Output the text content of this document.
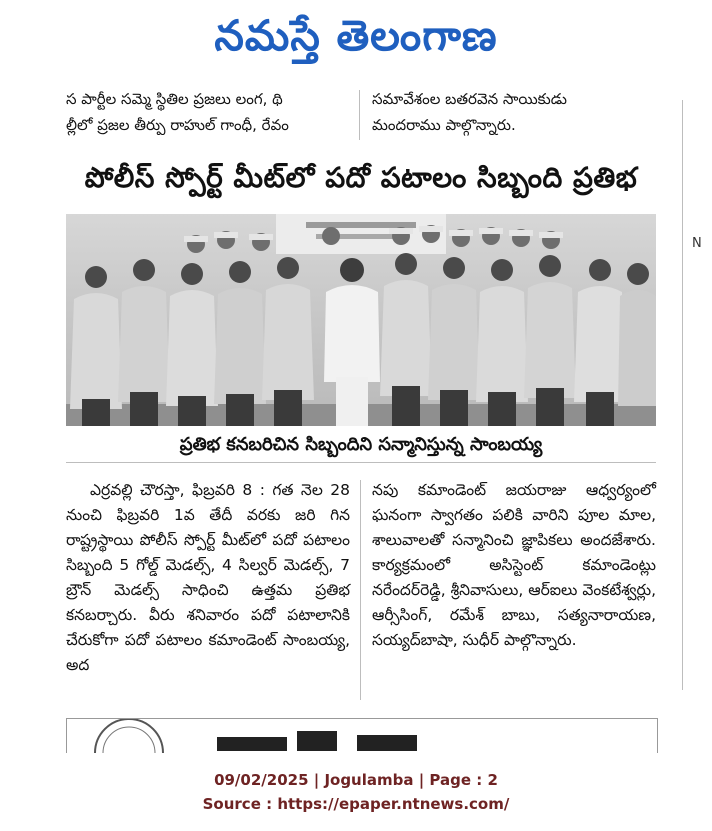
నమస్తే తెలంగాణ
స పార్టీల సమ్మె స్థితిల ప్రజలు లంగ, థి
ల్లీలో ప్రజల తీర్పు రాహుల్ గాంధీ, రేవం
సమావేశంల బతరవెన సాయికుడు
మందరాము పాల్గొన్నారు.
పోలీస్ స్పోర్ట్ మీట్‌లో పదో పటాలం సిబ్బంది ప్రతిభ
ప్రతిభ కనబరిచిన సిబ్బందిని సన్మానిస్తున్న సాంబయ్య

ఎర్రవల్లి చౌరస్తా, ఫిబ్రవరి 8 : గత నెల 28 నుంచి ఫిబ్రవరి 1వ తేదీ వరకు జరి గిన రాష్ట్రస్థాయి పోలీస్ స్పోర్ట్ మీట్‌లో పదో పటాలం సిబ్బంది 5 గోల్డ్ మెడల్స్, 4 సిల్వర్ మెడల్స్, 7 బ్రౌన్ మెడల్స్ సాధించి ఉత్తమ ప్రతిభ కనబర్చారు. వీరు శనివారం పదో పటాలానికి చేరుకోగా పదో పటాలం కమాండెంట్ సాంబయ్య, అద

నపు కమాండెంట్ జయరాజు ఆధ్వర్యంలో ఘనంగా స్వాగతం పలికి వారిని పూల మాల, శాలువాలతో సన్మానించి జ్ఞాపికలు అందజేశారు. కార్యక్రమంలో అసిస్టెంట్ కమాండెంట్లు నరేందర్‌రెడ్డి, శ్రీనివాసులు, ఆర్‌ఐలు వెంకటేశ్వర్లు, ఆర్సీసింగ్, రమేశ్ బాబు, సత్యనారాయణ, సయ్యద్‌బాషా, సుధీర్ పాల్గొన్నారు.

N
09/02/2025 | Jogulamba | Page : 2
Source : https://epaper.ntnews.com/
